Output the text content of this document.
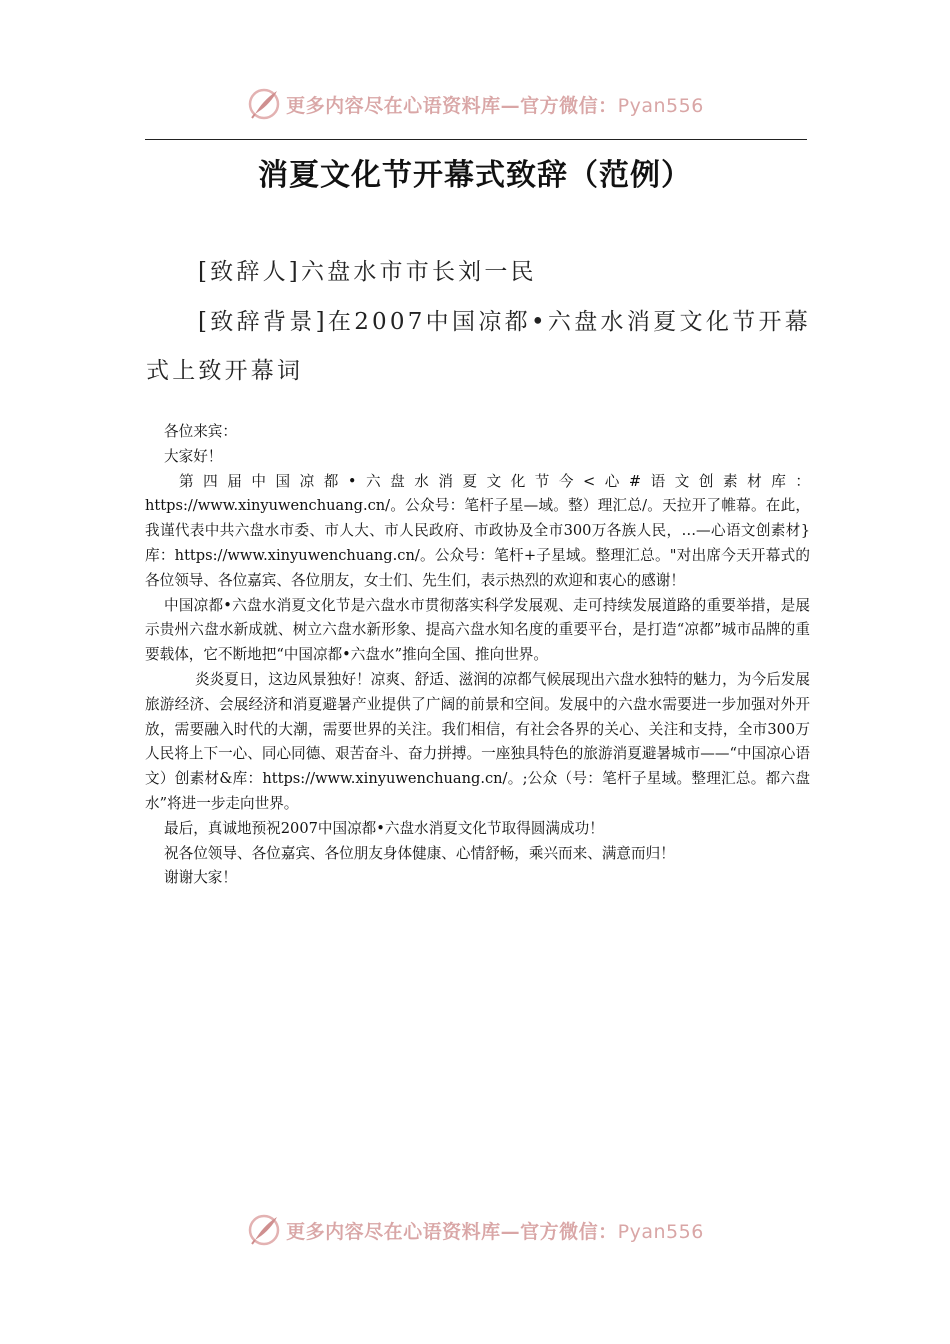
更多内容尽在心语资料库—官方微信：Pyan556
消夏文化节开幕式致辞（范例）
[致辞人]六盘水市市长刘一民
[致辞背景]在2007中国凉都•六盘水消夏文化节开幕式上致开幕词

各位来宾：

大家好！

第四届中国凉都•六盘水消夏文化节今<心#语文创素材库：https://www.xinyuwenchuang.cn/。公众号：笔杆子星—域。整）理汇总/。天拉开了帷幕。在此，我谨代表中共六盘水市委、市人大、市人民政府、市政协及全市300万各族人民，…—心语文创素材}库：https://www.xinyuwenchuang.cn/。公众号：笔杆+子星域。整理汇总。"对出席今天开幕式的各位领导、各位嘉宾、各位朋友，女士们、先生们，表示热烈的欢迎和衷心的感谢！

中国凉都•六盘水消夏文化节是六盘水市贯彻落实科学发展观、走可持续发展道路的重要举措，是展示贵州六盘水新成就、树立六盘水新形象、提高六盘水知名度的重要平台，是打造“凉都”城市品牌的重要载体，它不断地把“中国凉都•六盘水”推向全国、推向世界。

炎炎夏日，这边风景独好！凉爽、舒适、滋润的凉都气候展现出六盘水独特的魅力，为今后发展旅游经济、会展经济和消夏避暑产业提供了广阔的前景和空间。发展中的六盘水需要进一步加强对外开放，需要融入时代的大潮，需要世界的关注。我们相信，有社会各界的关心、关注和支持，全市300万人民将上下一心、同心同德、艰苦奋斗、奋力拼搏。一座独具特色的旅游消夏避暑城市——“中国凉心语文）创素材&库：https://www.xinyuwenchuang.cn/。;公众（号：笔杆子星域。整理汇总。都六盘水”将进一步走向世界。

最后，真诚地预祝2007中国凉都•六盘水消夏文化节取得圆满成功！

祝各位领导、各位嘉宾、各位朋友身体健康、心情舒畅，乘兴而来、满意而归！

谢谢大家！

更多内容尽在心语资料库—官方微信：Pyan556
